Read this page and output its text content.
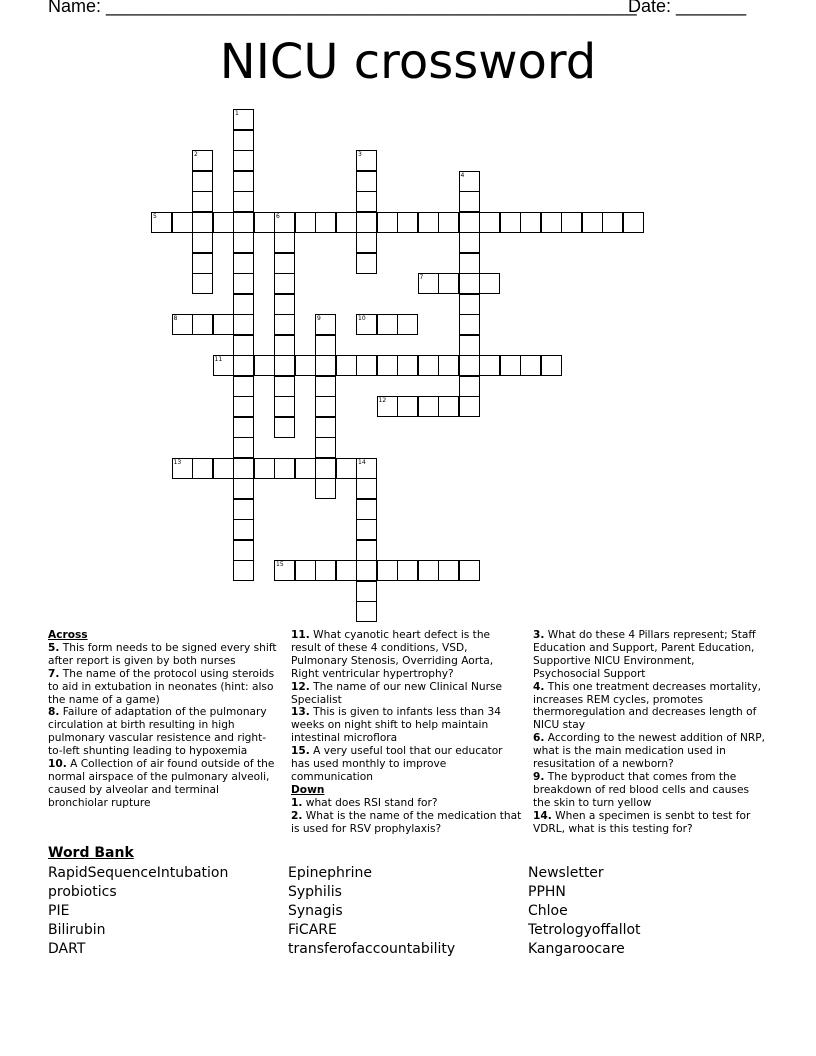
Name: _____________________________________________________
Date: _______
NICU crossword
1
2	3
4
5	6
7
8	9	10
11
12
13	14
15
Across
5. This form needs to be signed every shift after report is given by both nurses
7. The name of the protocol using steroids to aid in extubation in neonates (hint: also the name of a game)
8. Failure of adaptation of the pulmonary circulation at birth resulting in high pulmonary vascular resistence and right-to-left shunting leading to hypoxemia
10. A Collection of air found outside of the normal airspace of the pulmonary alveoli, caused by alveolar and terminal bronchiolar rupture
11. What cyanotic heart defect is the result of these 4 conditions, VSD, Pulmonary Stenosis, Overriding Aorta, Right ventricular hypertrophy?
12. The name of our new Clinical Nurse Specialist
13. This is given to infants less than 34 weeks on night shift to help maintain intestinal microflora
15. A very useful tool that our educator has used monthly to improve communication
Down
1. what does RSI stand for?
2. What is the name of the medication that is used for RSV prophylaxis?
3. What do these 4 Pillars represent; Staff Education and Support, Parent Education, Supportive NICU Environment, Psychosocial Support
4. This one treatment decreases mortality, increases REM cycles, promotes thermoregulation and decreases length of NICU stay
6. According to the newest addition of NRP, what is the main medication used in resusitation of a newborn?
9. The byproduct that comes from the breakdown of red blood cells and causes the skin to turn yellow
14. When a specimen is senbt to test for VDRL, what is this testing for?
Word Bank
RapidSequenceIntubation
probiotics
PIE
Bilirubin
DART
Epinephrine
Syphilis
Synagis
FiCARE
transferofaccountability
Newsletter
PPHN
Chloe
Tetrologyoffallot
Kangaroocare
